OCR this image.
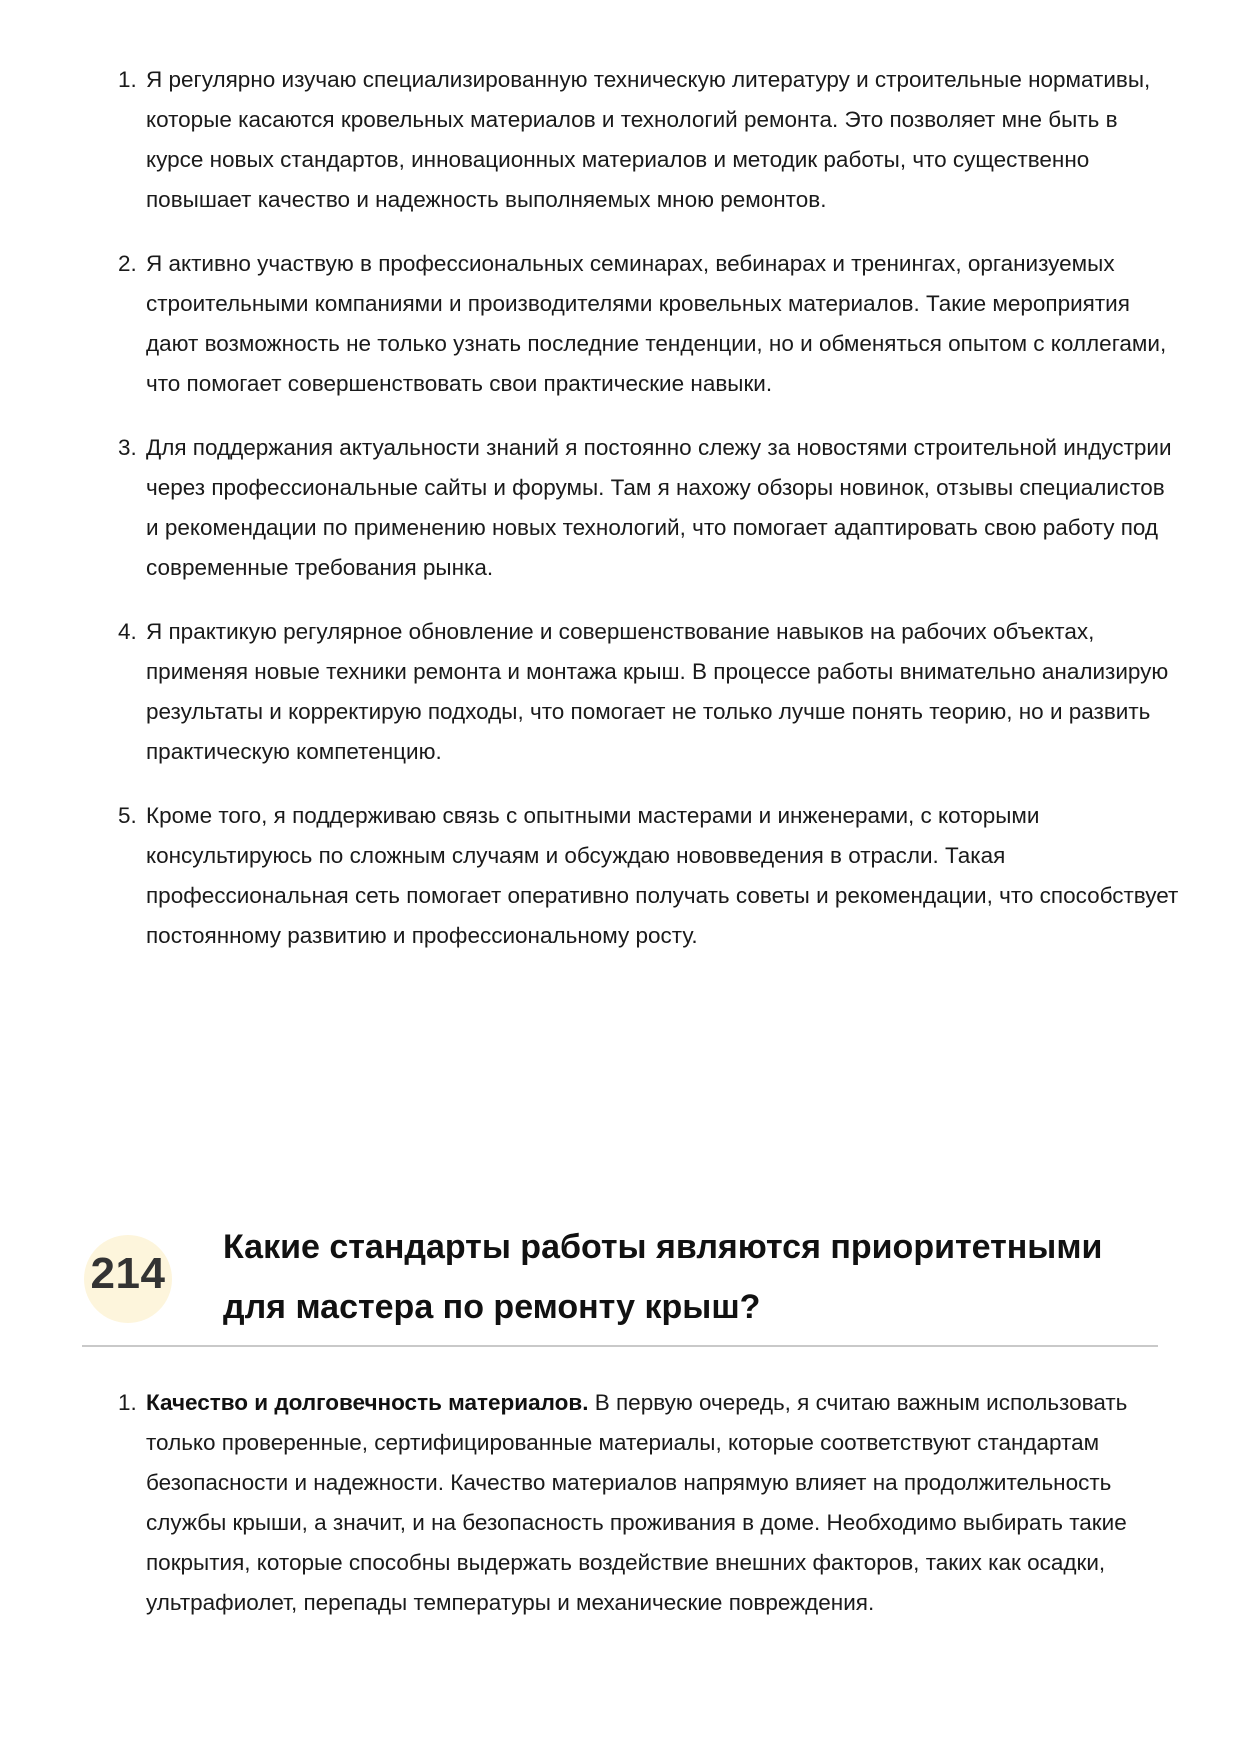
1. Я регулярно изучаю специализированную техническую литературу и строительные нормативы, которые касаются кровельных материалов и технологий ремонта. Это позволяет мне быть в курсе новых стандартов, инновационных материалов и методик работы, что существенно повышает качество и надежность выполняемых мною ремонтов.
2. Я активно участвую в профессиональных семинарах, вебинарах и тренингах, организуемых строительными компаниями и производителями кровельных материалов. Такие мероприятия дают возможность не только узнать последние тенденции, но и обменяться опытом с коллегами, что помогает совершенствовать свои практические навыки.
3. Для поддержания актуальности знаний я постоянно слежу за новостями строительной индустрии через профессиональные сайты и форумы. Там я нахожу обзоры новинок, отзывы специалистов и рекомендации по применению новых технологий, что помогает адаптировать свою работу под современные требования рынка.
4. Я практикую регулярное обновление и совершенствование навыков на рабочих объектах, применяя новые техники ремонта и монтажа крыш. В процессе работы внимательно анализирую результаты и корректирую подходы, что помогает не только лучше понять теорию, но и развить практическую компетенцию.
5. Кроме того, я поддерживаю связь с опытными мастерами и инженерами, с которыми консультируюсь по сложным случаям и обсуждаю нововведения в отрасли. Такая профессиональная сеть помогает оперативно получать советы и рекомендации, что способствует постоянному развитию и профессиональному росту.
214
Какие стандарты работы являются приоритетными для мастера по ремонту крыш?
1. Качество и долговечность материалов. В первую очередь, я считаю важным использовать только проверенные, сертифицированные материалы, которые соответствуют стандартам безопасности и надежности. Качество материалов напрямую влияет на продолжительность службы крыши, а значит, и на безопасность проживания в доме. Необходимо выбирать такие покрытия, которые способны выдержать воздействие внешних факторов, таких как осадки, ультрафиолет, перепады температуры и механические повреждения.
